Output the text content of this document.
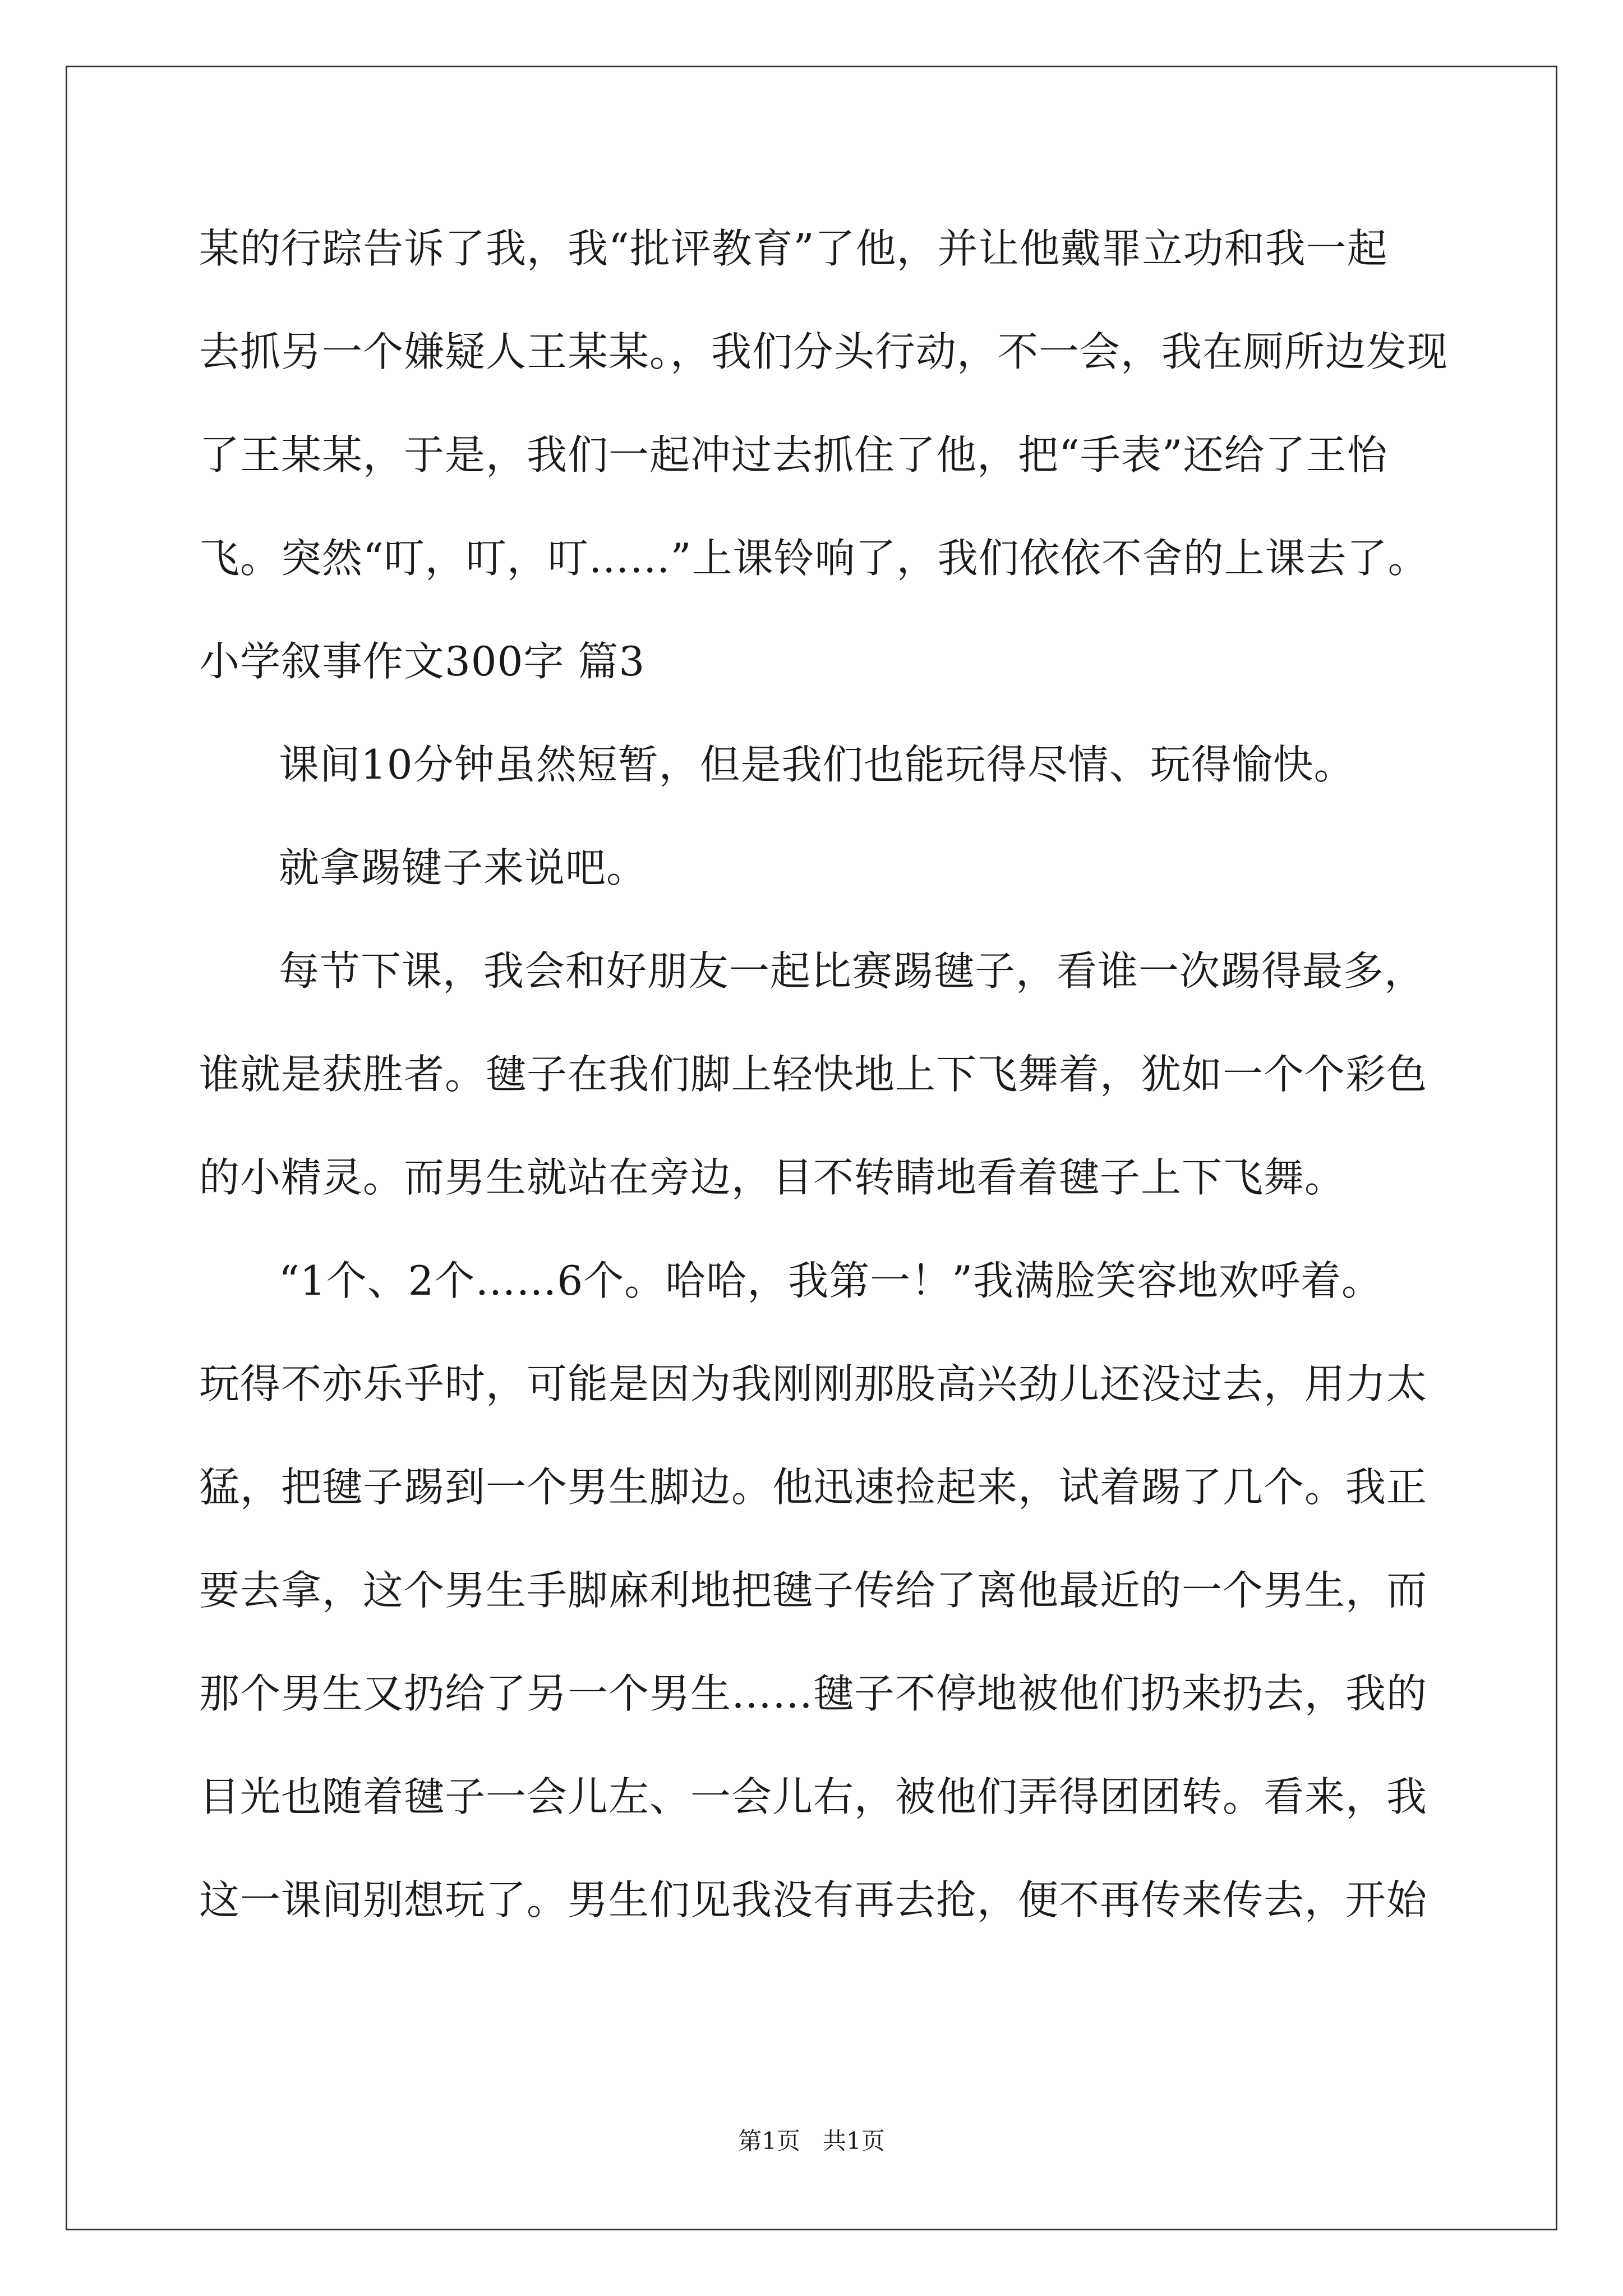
某的行踪告诉了我，我“批评教育”了他，并让他戴罪立功和我一起
去抓另一个嫌疑人王某某。，我们分头行动，不一会，我在厕所边发现
了王某某，于是，我们一起冲过去抓住了他，把“手表”还给了王怡
飞。突然“叮，叮，叮……”上课铃响了，我们依依不舍的上课去了。
小学叙事作文300字 篇3
课间10分钟虽然短暂，但是我们也能玩得尽情、玩得愉快。
就拿踢键子来说吧。
每节下课，我会和好朋友一起比赛踢毽子，看谁一次踢得最多，
谁就是获胜者。毽子在我们脚上轻快地上下飞舞着，犹如一个个彩色
的小精灵。而男生就站在旁边，目不转睛地看着毽子上下飞舞。
“1个、2个……6个。哈哈，我第一！”我满脸笑容地欢呼着。
玩得不亦乐乎时，可能是因为我刚刚那股高兴劲儿还没过去，用力太
猛，把毽子踢到一个男生脚边。他迅速捡起来，试着踢了几个。我正
要去拿，这个男生手脚麻利地把毽子传给了离他最近的一个男生，而
那个男生又扔给了另一个男生……毽子不停地被他们扔来扔去，我的
目光也随着毽子一会儿左、一会儿右，被他们弄得团团转。看来，我
这一课间别想玩了。男生们见我没有再去抢，便不再传来传去，开始
第1页   共1页
